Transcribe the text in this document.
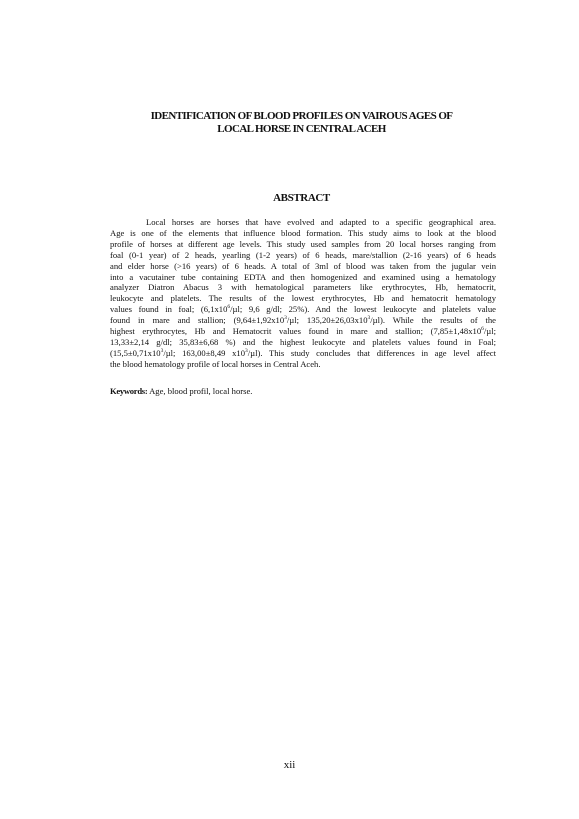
IDENTIFICATION OF BLOOD PROFILES ON VAIROUS AGES OF
LOCAL HORSE IN CENTRAL ACEH
ABSTRACT
Local horses are horses that have evolved and adapted to a specific geographical area.
Age is one of the elements that influence blood formation. This study aims to look at the blood
profile of horses at different age levels. This study used samples from 20 local horses ranging from
foal (0-1 year) of 2 heads, yearling (1-2 years) of 6 heads, mare/stallion (2-16 years) of 6 heads
and elder horse (>16 years) of 6 heads. A total of 3ml of blood was taken from the jugular vein
into a vacutainer tube containing EDTA and then homogenized and examined using a hematology
analyzer Diatron Abacus 3 with hematological parameters like erythrocytes, Hb, hematocrit,
leukocyte and platelets. The results of the lowest erythrocytes, Hb and hematocrit hematology
values found in foal; ($6,1x10^6/\mu l$; 9,6 g/dl; 25%). And the lowest leukocyte and platelets value
found in mare and stallion; ($9,64\pm 1,92x10^3/\mu l$; $135,20\pm 26,03x10^3/\mu l$). While the results of the
highest erythrocytes, Hb and Hematocrit values found in mare and stallion; ($7,85\pm 1,48x10^6/\mu l$;
13,33±2,14 g/dl; 35,83±6,68 %) and the highest leukocyte and platelets values found in Foal;
($15,5\pm 0,71x10^3/\mu l$; 163,00±8,49 $x10^3/\mu l$). This study concludes that differences in age level affect
the blood hematology profile of local horses in Central Aceh.
Keywords: Age, blood profil, local horse.
xii
